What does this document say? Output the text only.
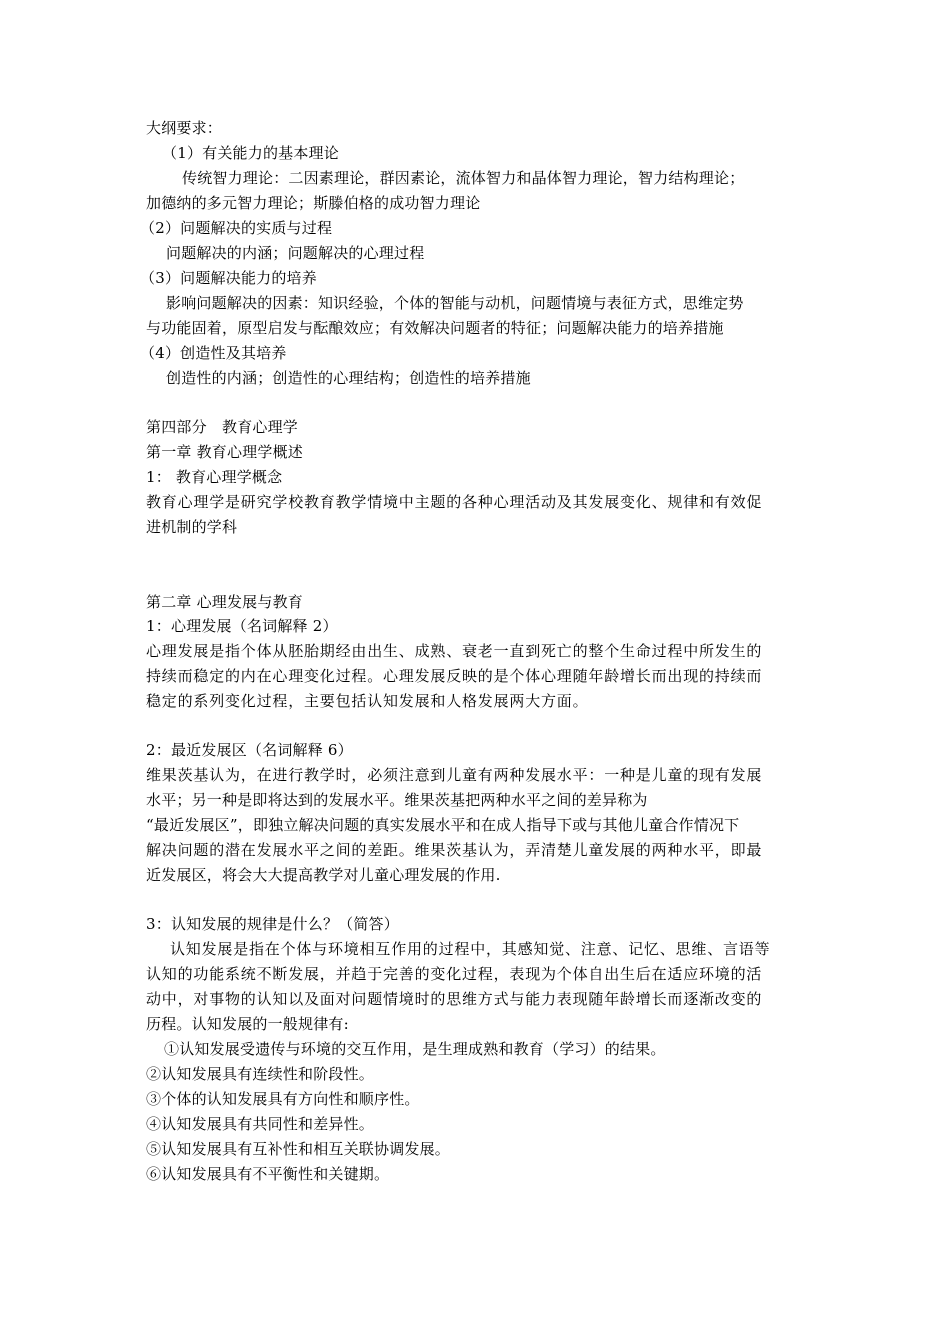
大纲要求：
（1）有关能力的基本理论
传统智力理论：二因素理论，群因素论，流体智力和晶体智力理论，智力结构理论；
加德纳的多元智力理论；斯滕伯格的成功智力理论
（2）问题解决的实质与过程
问题解决的内涵；问题解决的心理过程
（3）问题解决能力的培养
影响问题解决的因素：知识经验，个体的智能与动机，问题情境与表征方式，思维定势
与功能固着，原型启发与酝酿效应；有效解决问题者的特征；问题解决能力的培养措施
（4）创造性及其培养
创造性的内涵；创造性的心理结构；创造性的培养措施
第四部分　教育心理学
第一章 教育心理学概述
1： 教育心理学概念
教育心理学是研究学校教育教学情境中主题的各种心理活动及其发展变化、规律和有效促
进机制的学科
第二章 心理发展与教育
1：心理发展（名词解释 2）
心理发展是指个体从胚胎期经由出生、成熟、衰老一直到死亡的整个生命过程中所发生的
持续而稳定的内在心理变化过程。心理发展反映的是个体心理随年龄增长而出现的持续而
稳定的系列变化过程，主要包括认知发展和人格发展两大方面。
2：最近发展区（名词解释 6）
维果茨基认为，在进行教学时，必须注意到儿童有两种发展水平：一种是儿童的现有发展
水平；另一种是即将达到的发展水平。维果茨基把两种水平之间的差异称为
“最近发展区”，即独立解决问题的真实发展水平和在成人指导下或与其他儿童合作情况下
解决问题的潜在发展水平之间的差距。维果茨基认为，弄清楚儿童发展的两种水平，即最
近发展区，将会大大提高教学对儿童心理发展的作用.
3：认知发展的规律是什么？（简答）
认知发展是指在个体与环境相互作用的过程中，其感知觉、注意、记忆、思维、言语等
认知的功能系统不断发展，并趋于完善的变化过程，表现为个体自出生后在适应环境的活
动中，对事物的认知以及面对问题情境时的思维方式与能力表现随年龄增长而逐渐改变的
历程。认知发展的一般规律有:
①认知发展受遗传与环境的交互作用，是生理成熟和教育（学习）的结果。
②认知发展具有连续性和阶段性。
③个体的认知发展具有方向性和顺序性。
④认知发展具有共同性和差异性。
⑤认知发展具有互补性和相互关联协调发展。
⑥认知发展具有不平衡性和关键期。
